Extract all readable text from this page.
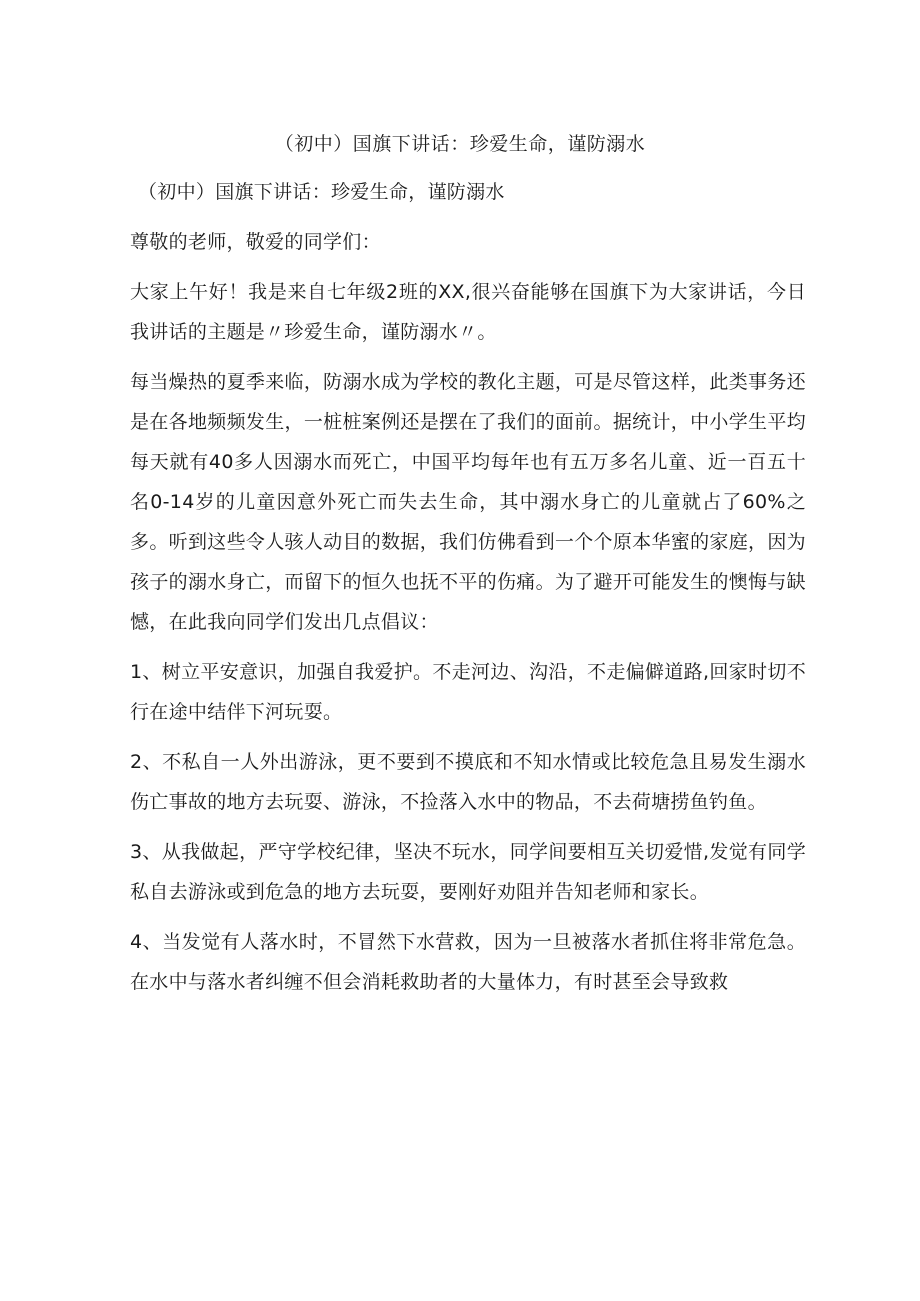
（初中）国旗下讲话：珍爱生命，谨防溺水

（初中）国旗下讲话：珍爱生命，谨防溺水

尊敬的老师，敬爱的同学们：

大家上午好！我是来自七年级2班的XX,很兴奋能够在国旗下为大家讲话，今日我讲话的主题是〃珍爱生命，谨防溺水〃。

每当燥热的夏季来临，防溺水成为学校的教化主题，可是尽管这样，此类事务还是在各地频频发生，一桩桩案例还是摆在了我们的面前。据统计，中小学生平均每天就有40多人因溺水而死亡，中国平均每年也有五万多名儿童、近一百五十名0-14岁的儿童因意外死亡而失去生命，其中溺水身亡的儿童就占了60%之多。听到这些令人骇人动目的数据，我们仿佛看到一个个原本华蜜的家庭，因为孩子的溺水身亡，而留下的恒久也抚不平的伤痛。为了避开可能发生的懊悔与缺憾，在此我向同学们发出几点倡议：

1、树立平安意识，加强自我爱护。不走河边、沟沿，不走偏僻道路,回家时切不行在途中结伴下河玩耍。

2、不私自一人外出游泳，更不要到不摸底和不知水情或比较危急且易发生溺水伤亡事故的地方去玩耍、游泳，不捡落入水中的物品，不去荷塘捞鱼钓鱼。

3、从我做起，严守学校纪律，坚决不玩水，同学间要相互关切爱惜,发觉有同学私自去游泳或到危急的地方去玩耍，要刚好劝阻并告知老师和家长。

4、当发觉有人落水时，不冒然下水营救，因为一旦被落水者抓住将非常危急。在水中与落水者纠缠不但会消耗救助者的大量体力，有时甚至会导致救
